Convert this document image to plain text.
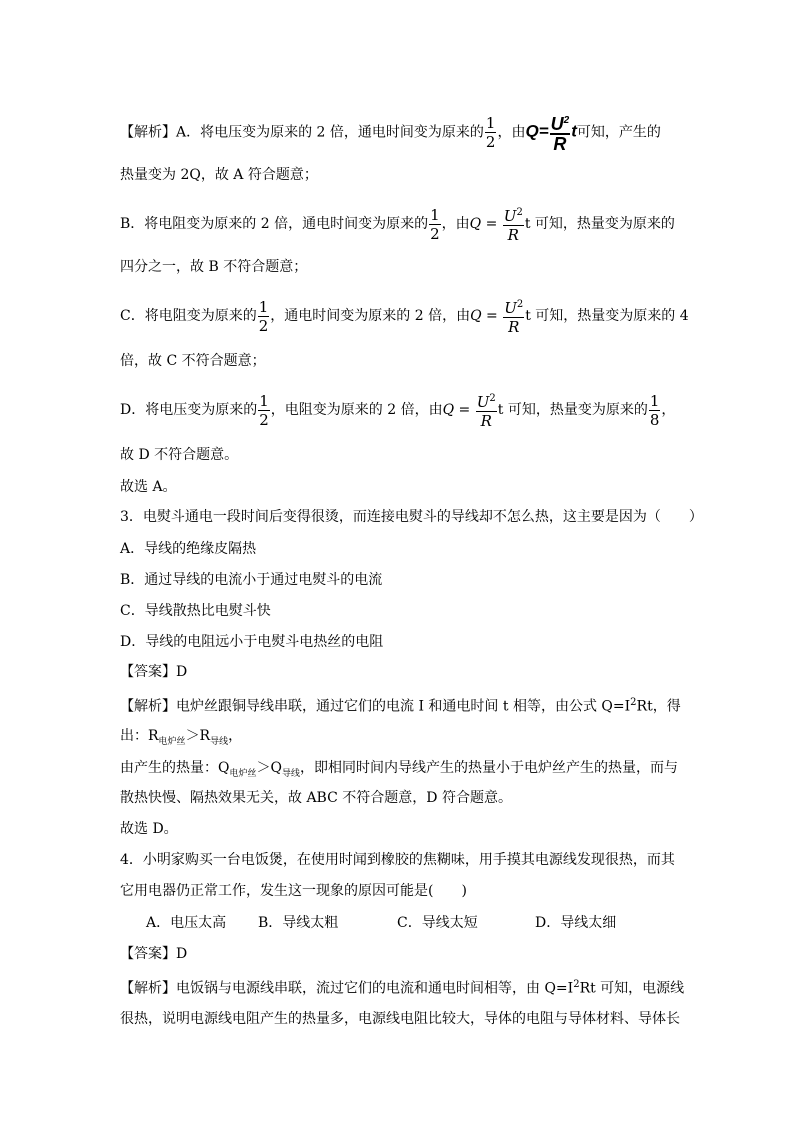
【解析】A．将电压变为原来的 2 倍，通电时间变为原来的 $\frac{1}{2}$ ，由$Q= \frac{U^2}{R}$ t可知，产生的
热量变为 2Q，故 A 符合题意；
B．将电阻变为原来的 2 倍，通电时间变为原来的 $\frac{1}{2}$ ，由$Q = \frac{U^2}{R}$ t 可知，热量变为原来的
四分之一，故 B 不符合题意；
C．将电阻变为原来的 $\frac{1}{2}$ ，通电时间变为原来的 2 倍，由$Q = \frac{U^2}{R}$ t 可知，热量变为原来的 4
倍，故 C 不符合题意；
D．将电压变为原来的 $\frac{1}{2}$ ，电阻变为原来的 2 倍，由$Q = \frac{U^2}{R}$ t 可知，热量变为原来的 $\frac{1}{8}$ ，
故 D 不符合题意。
故选 A。
3．电熨斗通电一段时间后变得很烫，而连接电熨斗的导线却不怎么热，这主要是因为（　　）
A．导线的绝缘皮隔热
B．通过导线的电流小于通过电熨斗的电流
C．导线散热比电熨斗快
D．导线的电阻远小于电熨斗电热丝的电阻
【答案】D
【解析】电炉丝跟铜导线串联，通过它们的电流 I 和通电时间 t 相等，由公式 $Q=I^2Rt$，得
出：$R_{电炉丝}>R_{导线}$，
由产生的热量：$Q_{电炉丝}>Q_{导线}$，即相同时间内导线产生的热量小于电炉丝产生的热量，而与
散热快慢、隔热效果无关，故 ABC 不符合题意，D 符合题意。
故选 D。
4．小明家购买一台电饭煲，在使用时闻到橡胶的焦糊味，用手摸其电源线发现很热，而其
它用电器仍正常工作，发生这一现象的原因可能是(　　)
A．电压太高 B．导线太粗	C．导线太短	D．导线太细
【答案】D
【解析】电饭锅与电源线串联，流过它们的电流和通电时间相等，由 $Q=I^2Rt$ 可知，电源线
很热，说明电源线电阻产生的热量多，电源线电阻比较大，导体的电阻与导体材料、导体长
